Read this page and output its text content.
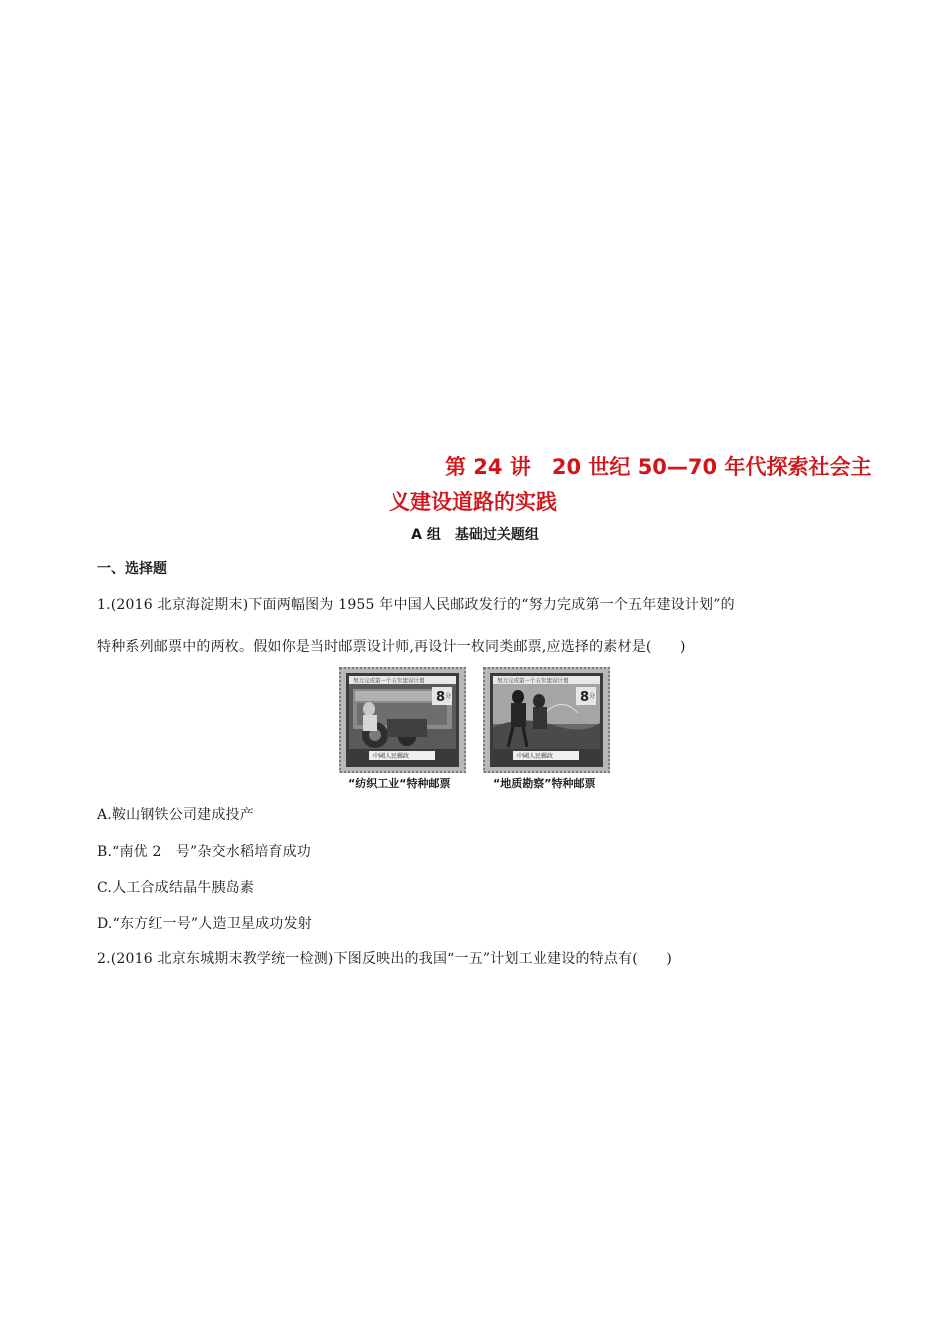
第 24 讲　20 世纪 50—70 年代探索社会主
义建设道路的实践
A 组　基础过关题组
一、选择题
1.(2016 北京海淀期末)下面两幅图为 1955 年中国人民邮政发行的“努力完成第一个五年建设计划”的
特种系列邮票中的两枚。假如你是当时邮票设计师,再设计一枚同类邮票,应选择的素材是(　　)
努力完成第一个五年建设计划
8 分
中國人民郵政
努力完成第一个五年建设计划
8 分
中國人民郵政
“纺织工业“特种邮票	“地质勘察”特种邮票
A.鞍山钢铁公司建成投产
B.“南优 2　号”杂交水稻培育成功
C.人工合成结晶牛胰岛素
D.“东方红一号”人造卫星成功发射
2.(2016 北京东城期末教学统一检测)下图反映出的我国“一五”计划工业建设的特点有(　　)
